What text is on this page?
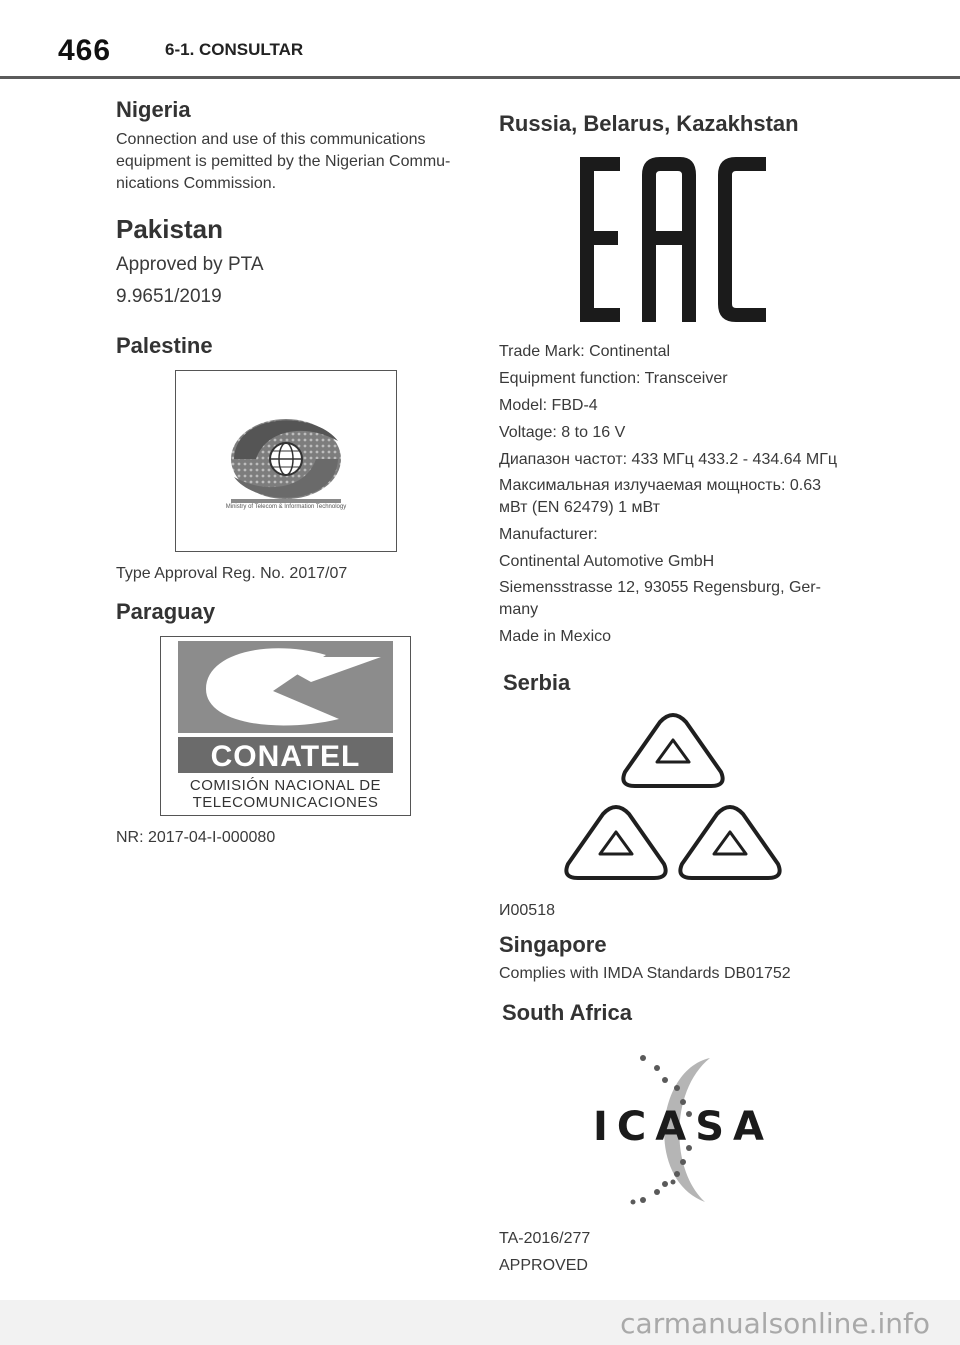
466	6-1. CONSULTAR
Nigeria
Connection and use of this communications
equipment is pemitted by the Nigerian Commu-
nications Commission.
Pakistan
Approved by PTA
9.9651/2019
Palestine
Ministry of Telecom & Information Technology
Type Approval Reg. No. 2017/07
Paraguay
CONATEL
COMISIÓN NACIONAL DE
TELECOMUNICACIONES
NR: 2017-04-I-000080
Russia, Belarus, Kazakhstan
Trade Mark: Continental
Equipment function: Transceiver
Model: FBD-4
Voltage: 8 to 16 V
Диапазон частот: 433 МГц 433.2 - 434.64 МГц
Максимальная излучаемая мощность: 0.63
мВт (EN 62479) 1 мВт
Manufacturer:
Continental Automotive GmbH
Siemensstrasse 12, 93055 Regensburg, Ger-
many
Made in Mexico
Serbia
И00518
Singapore
Complies with IMDA Standards DB01752
South Africa
ICASA
TA-2016/277
APPROVED
carmanualsonline.info
